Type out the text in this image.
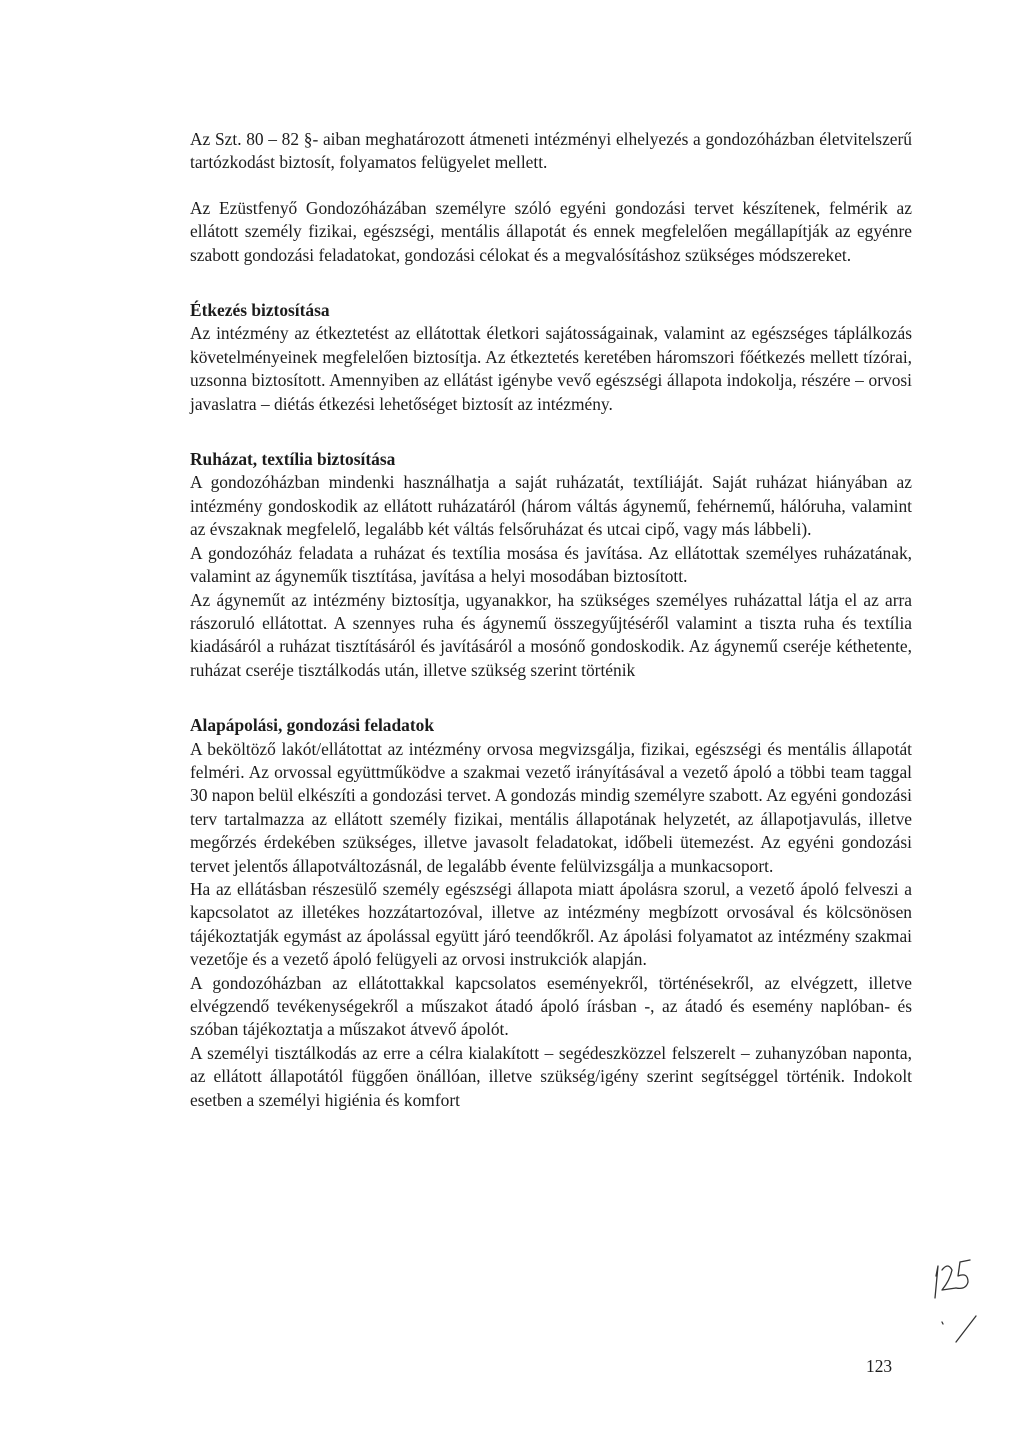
Az Szt. 80 – 82 §- aiban meghatározott átmeneti intézményi elhelyezés a gondozóházban életvitelszerű tartózkodást biztosít, folyamatos felügyelet mellett.

Az Ezüstfenyő Gondozóházában személyre szóló egyéni gondozási tervet készítenek, felmérik az ellátott személy fizikai, egészségi, mentális állapotát és ennek megfelelően megállapítják az egyénre szabott gondozási feladatokat, gondozási célokat és a megvalósításhoz szükséges módszereket.

Étkezés biztosítása

Az intézmény az étkeztetést az ellátottak életkori sajátosságainak, valamint az egészséges táplálkozás követelményeinek megfelelően biztosítja. Az étkeztetés keretében háromszori főétkezés mellett tízórai, uzsonna biztosított. Amennyiben az ellátást igénybe vevő egészségi állapota indokolja, részére – orvosi javaslatra – diétás étkezési lehetőséget biztosít az intézmény.

Ruházat, textília biztosítása

A gondozóházban mindenki használhatja a saját ruházatát, textíliáját. Saját ruházat hiányában az intézmény gondoskodik az ellátott ruházatáról (három váltás ágynemű, fehérnemű, hálóruha, valamint az évszaknak megfelelő, legalább két váltás felsőruházat és utcai cipő, vagy más lábbeli).

A gondozóház feladata a ruházat és textília mosása és javítása. Az ellátottak személyes ruházatának, valamint az ágyneműk tisztítása, javítása a helyi mosodában biztosított.

Az ágyneműt az intézmény biztosítja, ugyanakkor, ha szükséges személyes ruházattal látja el az arra rászoruló ellátottat. A szennyes ruha és ágynemű összegyűjtéséről valamint a tiszta ruha és textília kiadásáról a ruházat tisztításáról és javításáról a mosónő gondoskodik. Az ágynemű cseréje kéthetente, ruházat cseréje tisztálkodás után, illetve szükség szerint történik

Alapápolási, gondozási feladatok

A beköltöző lakót/ellátottat az intézmény orvosa megvizsgálja, fizikai, egészségi és mentális állapotát felméri. Az orvossal együttműködve a szakmai vezető irányításával a vezető ápoló a többi team taggal 30 napon belül elkészíti a gondozási tervet. A gondozás mindig személyre szabott. Az egyéni gondozási terv tartalmazza az ellátott személy fizikai, mentális állapotának helyzetét, az állapotjavulás, illetve megőrzés érdekében szükséges, illetve javasolt feladatokat, időbeli ütemezést. Az egyéni gondozási tervet jelentős állapotváltozásnál, de legalább évente felülvizsgálja a munkacsoport.

Ha az ellátásban részesülő személy egészségi állapota miatt ápolásra szorul, a vezető ápoló felveszi a kapcsolatot az illetékes hozzátartozóval, illetve az intézmény megbízott orvosával és kölcsönösen tájékoztatják egymást az ápolással együtt járó teendőkről. Az ápolási folyamatot az intézmény szakmai vezetője és a vezető ápoló felügyeli az orvosi instrukciók alapján.

A gondozóházban az ellátottakkal kapcsolatos eseményekről, történésekről, az elvégzett, illetve elvégzendő tevékenységekről a műszakot átadó ápoló írásban -, az átadó és esemény naplóban- és szóban tájékoztatja a műszakot átvevő ápolót.

A személyi tisztálkodás az erre a célra kialakított – segédeszközzel felszerelt – zuhanyzóban naponta, az ellátott állapotától függően önállóan, illetve szükség/igény szerint segítséggel történik. Indokolt esetben a személyi higiénia és komfort

123
